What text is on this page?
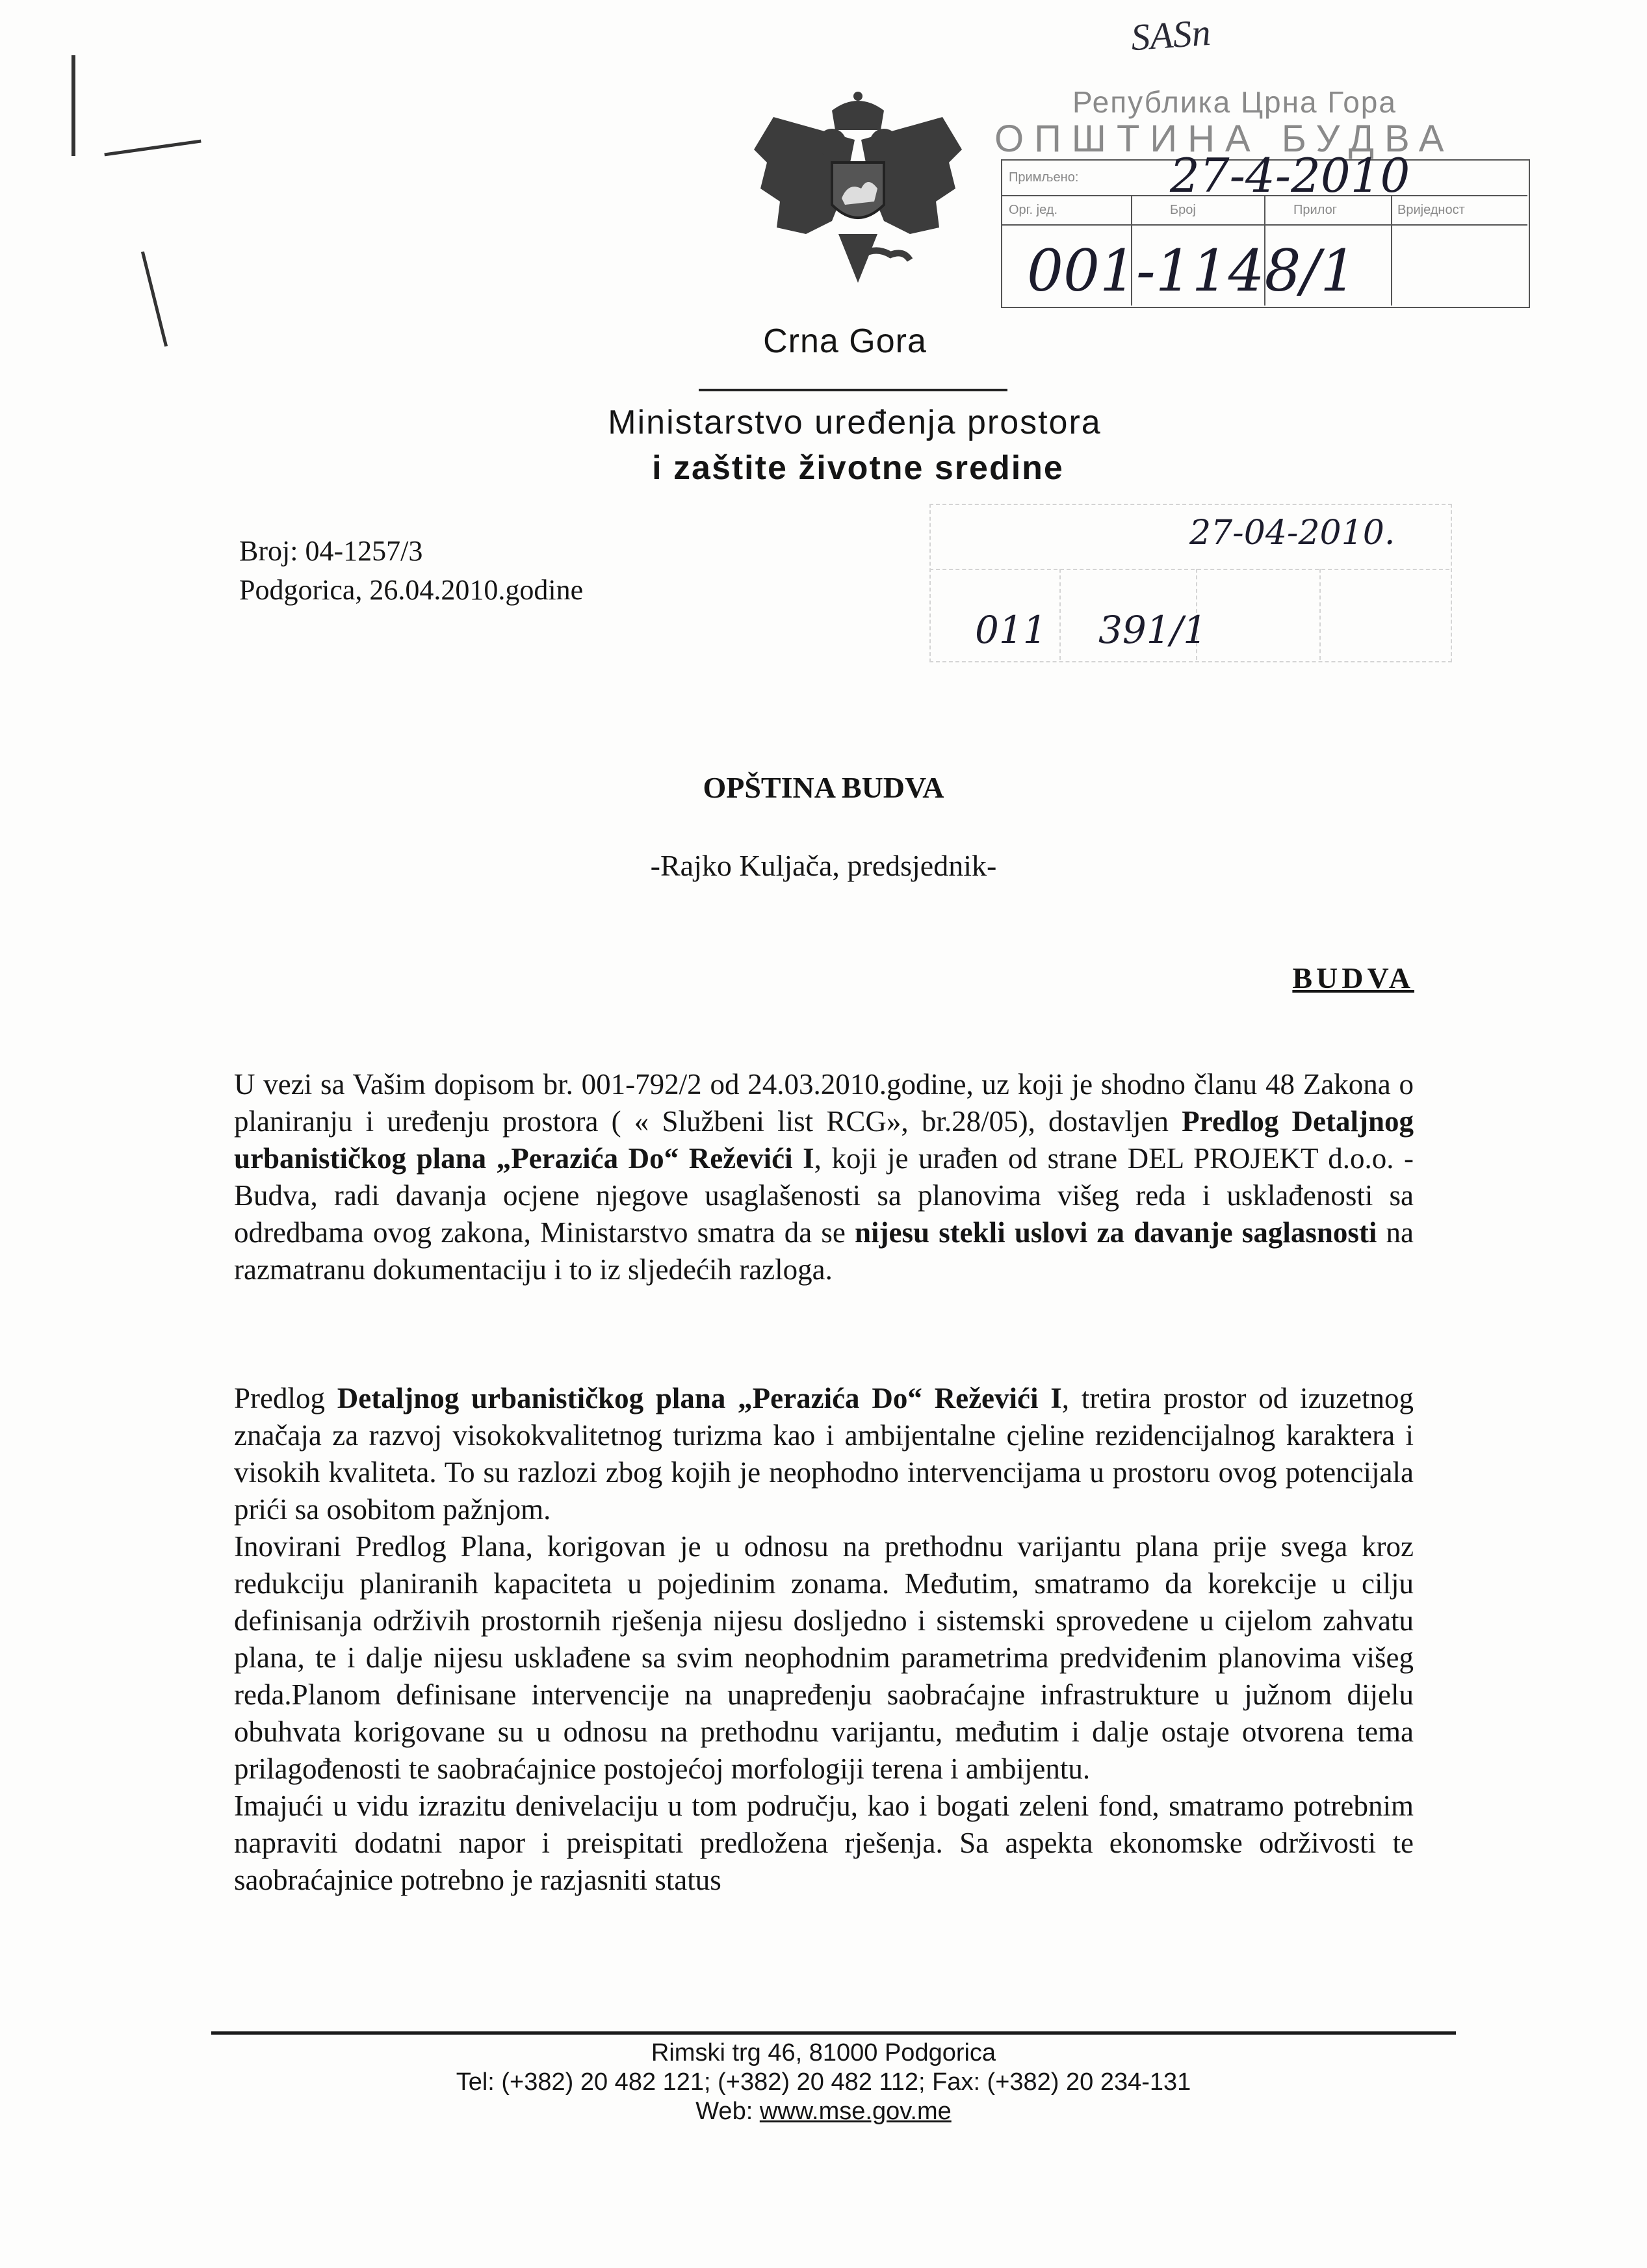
Crna Gora
Ministarstvo uređenja prostora
i zaštite životne sredine
Broj: 04-1257/3
Podgorica, 26.04.2010.godine
SASn
Република Црна Гора
ОПШТИНА БУДВА
Примљено:
Орг. јед.	Број	Прилог	Вриједност
27-4-2010
001-1148/1
27-04-2010.
011 391/1
OPŠTINA BUDVA
-Rajko Kuljača, predsjednik-
BUDVA
U vezi sa Vašim dopisom br. 001-792/2 od 24.03.2010.godine, uz koji je shodno članu 48 Zakona o planiranju i uređenju prostora ( « Službeni list RCG», br.28/05), dostavljen Predlog Detaljnog urbanističkog plana „Perazića Do“ Reževići I, koji je urađen od strane DEL PROJEKT d.o.o. - Budva, radi davanja ocjene njegove usaglašenosti sa planovima višeg reda i usklađenosti sa odredbama ovog zakona, Ministarstvo smatra da se nijesu stekli uslovi za davanje saglasnosti na razmatranu dokumentaciju i to iz sljedećih razloga.
Predlog Detaljnog urbanističkog plana „Perazića Do“ Reževići I, tretira prostor od izuzetnog značaja za razvoj visokokvalitetnog turizma kao i ambijentalne cjeline rezidencijalnog karaktera i visokih kvaliteta. To su razlozi zbog kojih je neophodno intervencijama u prostoru ovog potencijala prići sa osobitom pažnjom.
Inovirani Predlog Plana, korigovan je u odnosu na prethodnu varijantu plana prije svega kroz redukciju planiranih kapaciteta u pojedinim zonama. Međutim, smatramo da korekcije u cilju definisanja održivih prostornih rješenja nijesu dosljedno i sistemski sprovedene u cijelom zahvatu plana, te i dalje nijesu usklađene sa svim neophodnim parametrima predviđenim planovima višeg reda.Planom definisane intervencije na unapređenju saobraćajne infrastrukture u južnom dijelu obuhvata korigovane su u odnosu na prethodnu varijantu, međutim i dalje ostaje otvorena tema prilagođenosti te saobraćajnice postojećoj morfologiji terena i ambijentu.
Imajući u vidu izrazitu denivelaciju u tom području, kao i bogati zeleni fond, smatramo potrebnim napraviti dodatni napor i preispitati predložena rješenja. Sa aspekta ekonomske održivosti te saobraćajnice potrebno je razjasniti status
Rimski trg 46, 81000 Podgorica
Tel: (+382) 20 482 121; (+382) 20 482 112; Fax: (+382) 20 234-131
Web: www.mse.gov.me
